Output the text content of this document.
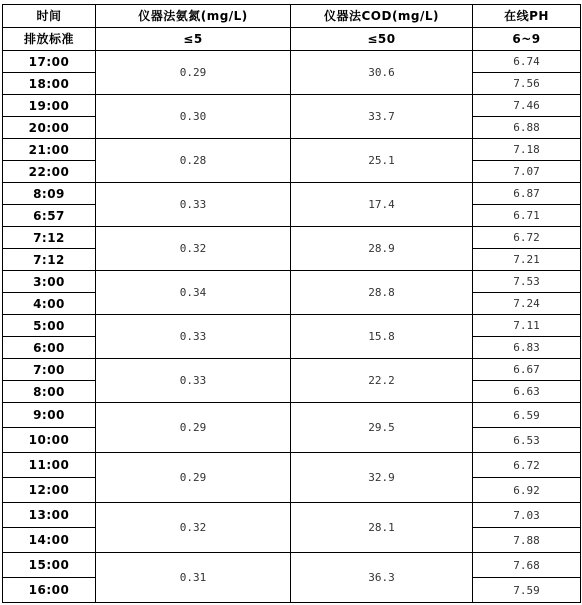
时间	仪器法氨氮(mg/L)	仪器法COD(mg/L)	在线PH
排放标准	≤5	≤50	6~9
17:00	0.29	30.6	6.74
18:00			7.56
19:00	0.30	33.7	7.46
20:00			6.88
21:00	0.28	25.1	7.18
22:00			7.07
8:09	0.33	17.4	6.87
6:57			6.71
7:12	0.32	28.9	6.72
7:12			7.21
3:00	0.34	28.8	7.53
4:00			7.24
5:00	0.33	15.8	7.11
6:00			6.83
7:00	0.33	22.2	6.67
8:00			6.63
9:00	0.29	29.5	6.59
10:00			6.53
11:00	0.29	32.9	6.72
12:00			6.92
13:00	0.32	28.1	7.03
14:00			7.88
15:00	0.31	36.3	7.68
16:00			7.59
